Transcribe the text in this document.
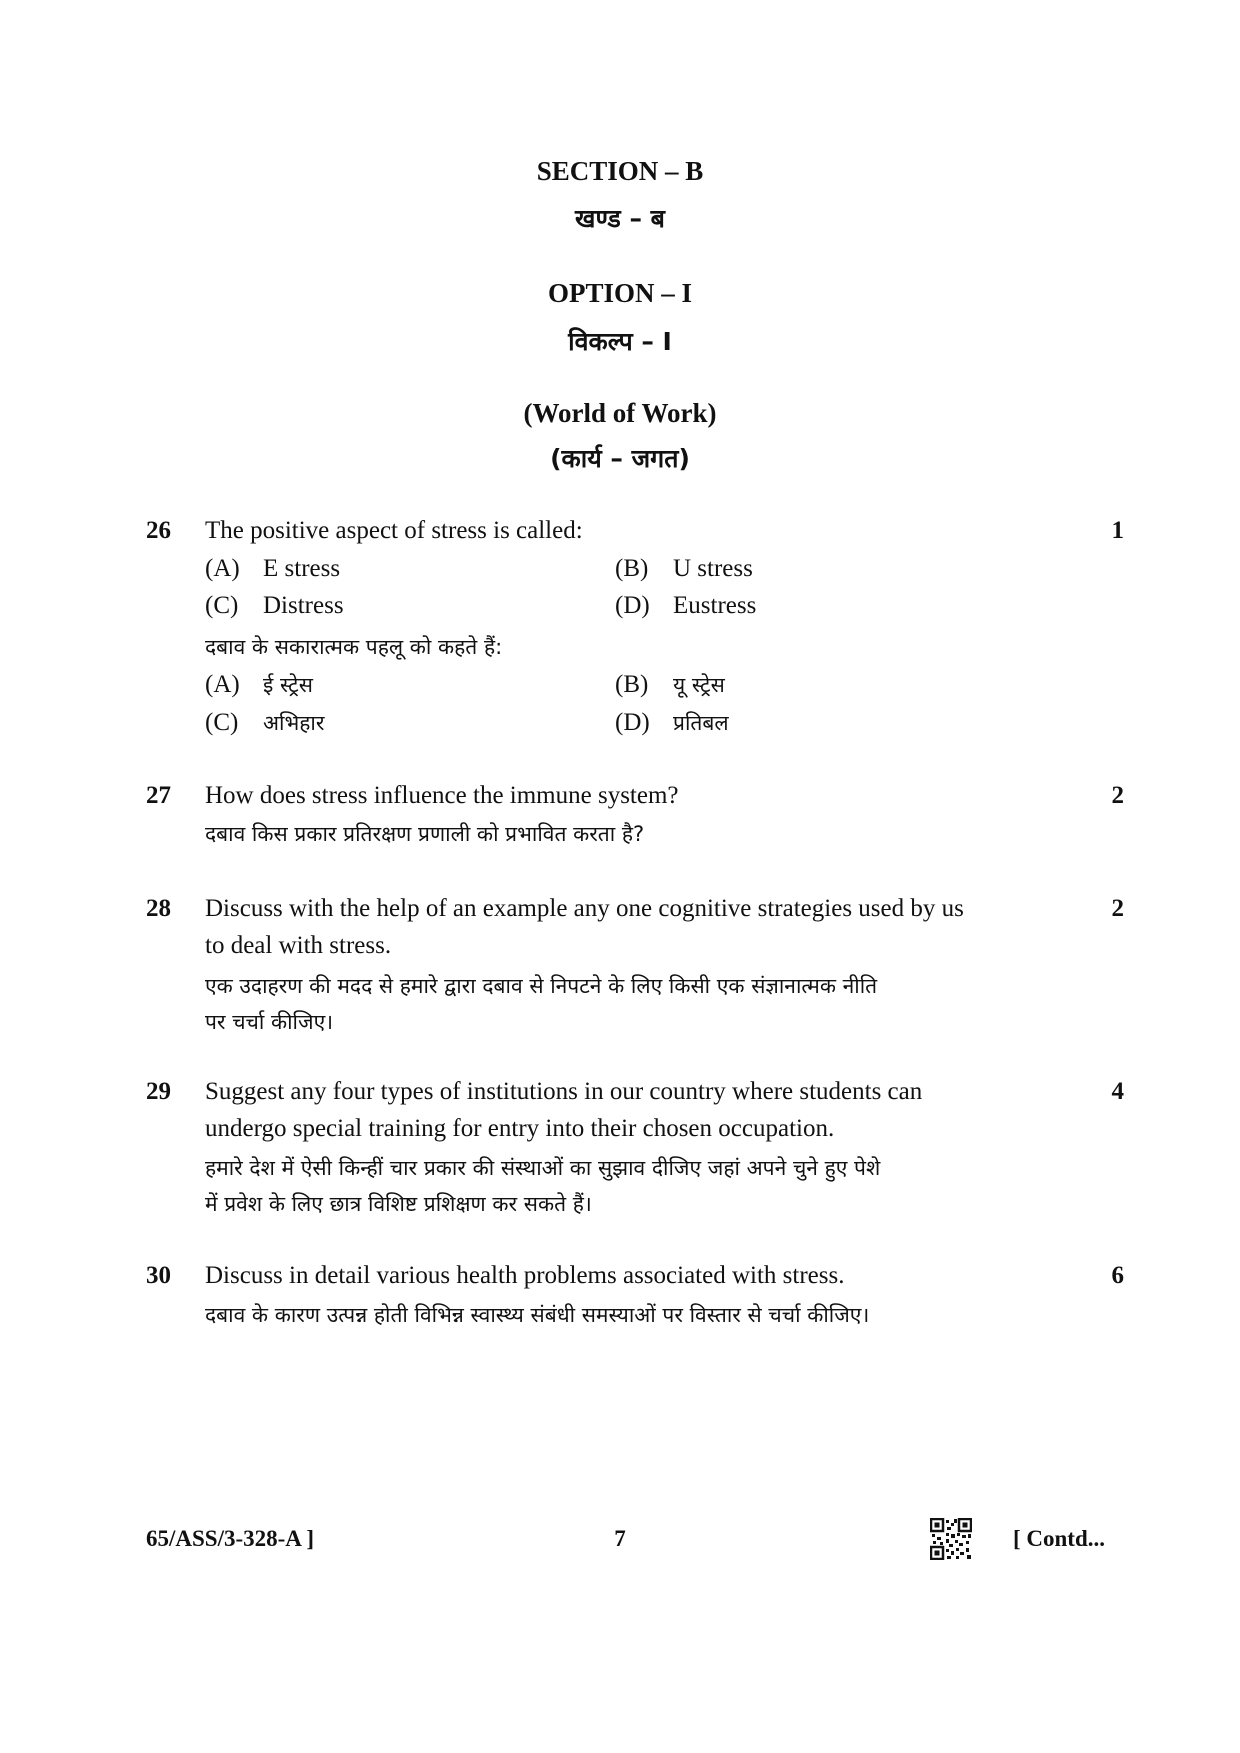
SECTION – B
खण्ड – ब
OPTION – I
विकल्प – I
(World of Work)
(कार्य – जगत)
26	1
The positive aspect of stress is called:
(A) E stress	(B) U stress
(C) Distress	(D) Eustress
दबाव के सकारात्मक पहलू को कहते हैं:
(A) ई स्ट्रेस	(B) यू स्ट्रेस
(C) अभिहार	(D) प्रतिबल
27	2
How does stress influence the immune system?
दबाव किस प्रकार प्रतिरक्षण प्रणाली को प्रभावित करता है?
28	2
Discuss with the help of an example any one cognitive strategies used by us
to deal with stress.
एक उदाहरण की मदद से हमारे द्वारा दबाव से निपटने के लिए किसी एक संज्ञानात्मक नीति
पर चर्चा कीजिए।
29	4
Suggest any four types of institutions in our country where students can
undergo special training for entry into their chosen occupation.
हमारे देश में ऐसी किन्हीं चार प्रकार की संस्थाओं का सुझाव दीजिए जहां अपने चुने हुए पेशे
में प्रवेश के लिए छात्र विशिष्ट प्रशिक्षण कर सकते हैं।
30	6
Discuss in detail various health problems associated with stress.
दबाव के कारण उत्पन्न होती विभिन्न स्वास्थ्य संबंधी समस्याओं पर विस्तार से चर्चा कीजिए।
65/ASS/3-328-A ]	7	[ Contd...
